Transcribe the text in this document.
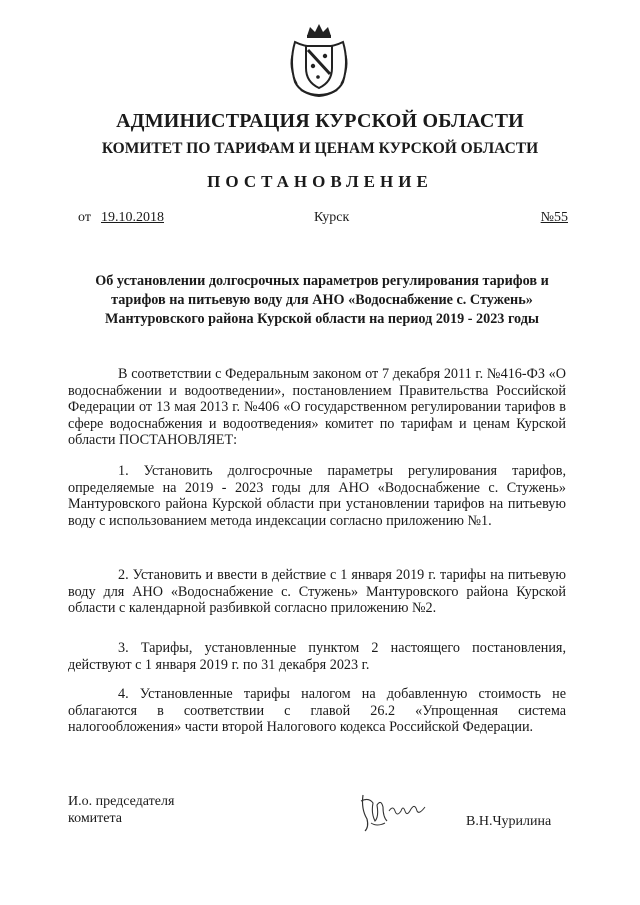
АДМИНИСТРАЦИЯ КУРСКОЙ ОБЛАСТИ
КОМИТЕТ ПО ТАРИФАМ И ЦЕНАМ КУРСКОЙ ОБЛАСТИ
ПОСТАНОВЛЕНИЕ
от 19.10.2018	Курск	№55
Об установлении долгосрочных параметров регулирования тарифов и тарифов на питьевую воду для АНО «Водоснабжение с. Стужень» Мантуровского района Курской области на период 2019 - 2023 годы

В соответствии с Федеральным законом от 7 декабря 2011 г. №416-ФЗ «О водоснабжении и водоотведении», постановлением Правительства Российской Федерации от 13 мая 2013 г. №406 «О государственном регулировании тарифов в сфере водоснабжения и водоотведения» комитет по тарифам и ценам Курской области ПОСТАНОВЛЯЕТ:

1. Установить долгосрочные параметры регулирования тарифов, определяемые на 2019 - 2023 годы для АНО «Водоснабжение с. Стужень» Мантуровского района Курской области при установлении тарифов на питьевую воду с использованием метода индексации согласно приложению №1.

2. Установить и ввести в действие с 1 января 2019 г. тарифы на питьевую воду для АНО «Водоснабжение с. Стужень» Мантуровского района Курской области с календарной разбивкой согласно приложению №2.

3. Тарифы, установленные пунктом 2 настоящего постановления, действуют с 1 января 2019 г. по 31 декабря 2023 г.

4. Установленные тарифы налогом на добавленную стоимость не облагаются в соответствии с главой 26.2 «Упрощенная система налогообложения» части второй Налогового кодекса Российской Федерации.

И.о. председателя
комитета	В.Н.Чурилина
